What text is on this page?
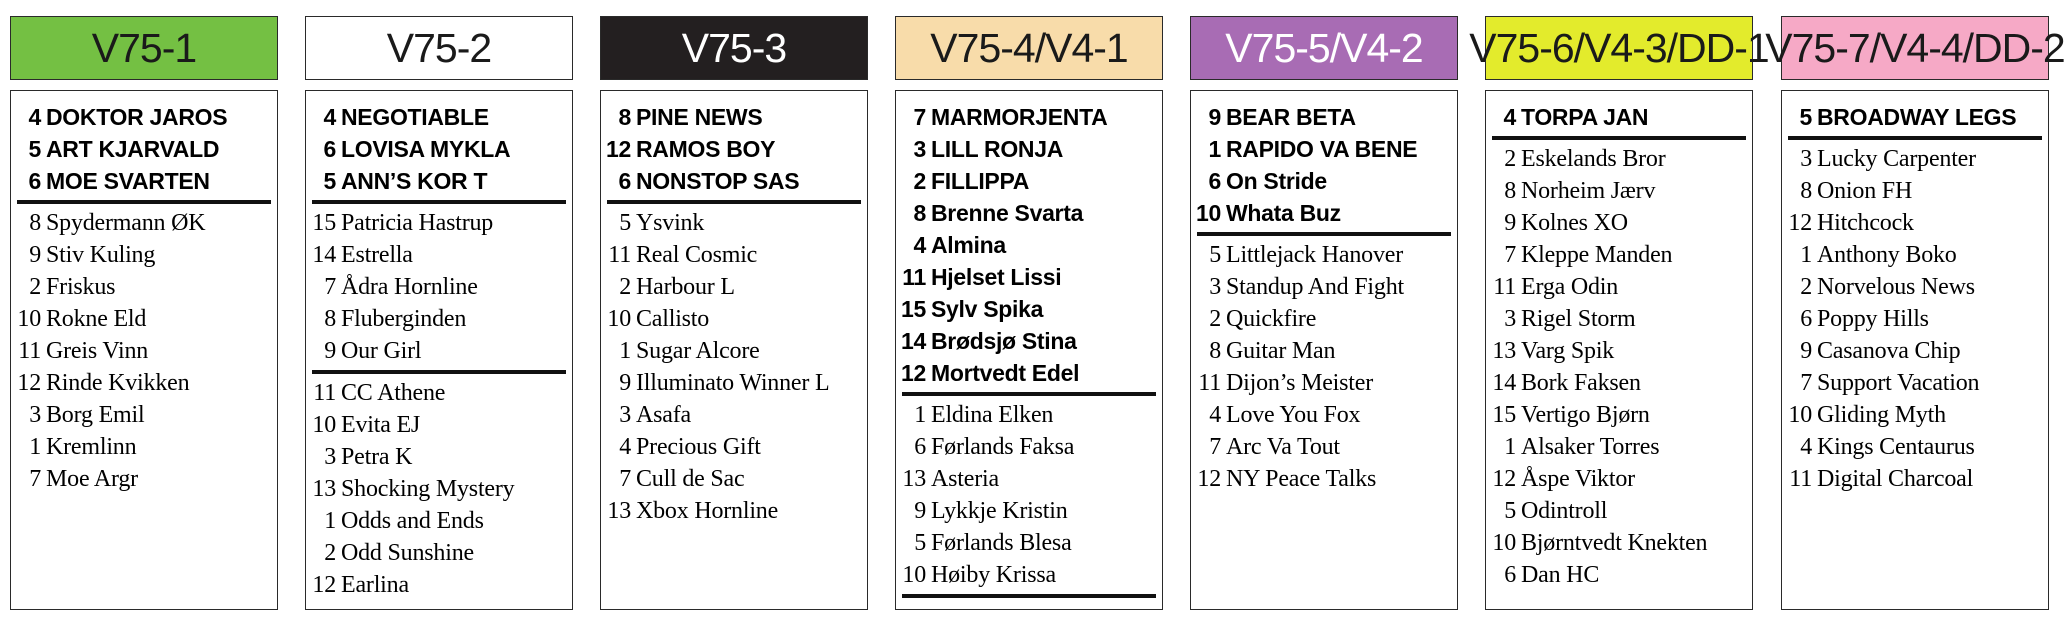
V75-1
4 DOKTOR JAROS
5 ART KJARVALD
6 MOE SVARTEN
8 Spydermann ØK
9 Stiv Kuling
2 Friskus
10 Rokne Eld
11 Greis Vinn
12 Rinde Kvikken
3 Borg Emil
1 Kremlinn
7 Moe Argr
V75-2
4 NEGOTIABLE
6 LOVISA MYKLA
5 ANN’S KOR T
15 Patricia Hastrup
14 Estrella
7 Ådra Hornline
8 Fluberginden
9 Our Girl
11 CC Athene
10 Evita EJ
3 Petra K
13 Shocking Mystery
1 Odds and Ends
2 Odd Sunshine
12 Earlina
V75-3
8 PINE NEWS
12 RAMOS BOY
6 NONSTOP SAS
5 Ysvink
11 Real Cosmic
2 Harbour L
10 Callisto
1 Sugar Alcore
9 Illuminato Winner L
3 Asafa
4 Precious Gift
7 Cull de Sac
13 Xbox Hornline
V75-4/V4-1
7 MARMORJENTA
3 LILL RONJA
2 FILLIPPA
8 Brenne Svarta
4 Almina
11 Hjelset Lissi
15 Sylv Spika
14 Brødsjø Stina
12 Mortvedt Edel
1 Eldina Elken
6 Førlands Faksa
13 Asteria
9 Lykkje Kristin
5 Førlands Blesa
10 Høiby Krissa
V75-5/V4-2
9 BEAR BETA
1 RAPIDO VA BENE
6 On Stride
10 Whata Buz
5 Littlejack Hanover
3 Standup And Fight
2 Quickfire
8 Guitar Man
11 Dijon’s Meister
4 Love You Fox
7 Arc Va Tout
12 NY Peace Talks
V75-6/V4-3/DD-1
4 TORPA JAN
2 Eskelands Bror
8 Norheim Jærv
9 Kolnes XO
7 Kleppe Manden
11 Erga Odin
3 Rigel Storm
13 Varg Spik
14 Bork Faksen
15 Vertigo Bjørn
1 Alsaker Torres
12 Åspe Viktor
5 Odintroll
10 Bjørntvedt Knekten
6 Dan HC
V75-7/V4-4/DD-2
5 BROADWAY LEGS
3 Lucky Carpenter
8 Onion FH
12 Hitchcock
1 Anthony Boko
2 Norvelous News
6 Poppy Hills
9 Casanova Chip
7 Support Vacation
10 Gliding Myth
4 Kings Centaurus
11 Digital Charcoal
